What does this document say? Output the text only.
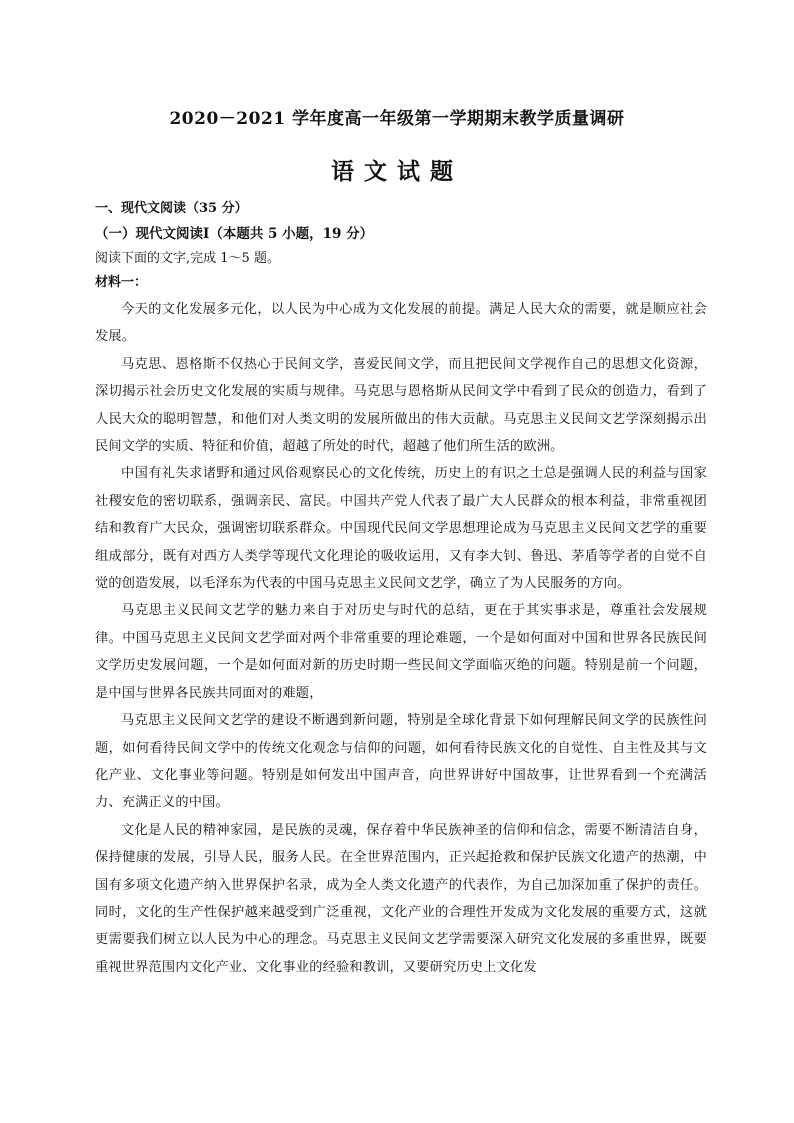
2020－2021 学年度高一年级第一学期期末教学质量调研
语文试题
一、现代文阅读（35 分）
（一）现代文阅读Ⅰ（本题共 5 小题，19 分）
阅读下面的文字,完成 1～5 题。
材料一：

今天的文化发展多元化，以人民为中心成为文化发展的前提。满足人民大众的需要，就是顺应社会发展。

马克思、恩格斯不仅热心于民间文学，喜爱民间文学，而且把民间文学视作自己的思想文化资源，深切揭示社会历史文化发展的实质与规律。马克思与恩格斯从民间文学中看到了民众的创造力，看到了人民大众的聪明智慧，和他们对人类文明的发展所做出的伟大贡献。马克思主义民间文艺学深刻揭示出民间文学的实质、特征和价值，超越了所处的时代，超越了他们所生活的欧洲。

中国有礼失求诸野和通过风俗观察民心的文化传统，历史上的有识之士总是强调人民的利益与国家社稷安危的密切联系，强调亲民、富民。中国共产党人代表了最广大人民群众的根本利益，非常重视团结和教育广大民众，强调密切联系群众。中国现代民间文学思想理论成为马克思主义民间文艺学的重要组成部分，既有对西方人类学等现代文化理论的吸收运用，又有李大钊、鲁迅、茅盾等学者的自觉不自觉的创造发展，以毛泽东为代表的中国马克思主义民间文艺学，确立了为人民服务的方向。

马克思主义民间文艺学的魅力来自于对历史与时代的总结，更在于其实事求是，尊重社会发展规律。中国马克思主义民间文艺学面对两个非常重要的理论难题，一个是如何面对中国和世界各民族民间文学历史发展问题，一个是如何面对新的历史时期一些民间文学面临灭绝的问题。特别是前一个问题，是中国与世界各民族共同面对的难题，

马克思主义民间文艺学的建设不断遇到新问题，特别是全球化背景下如何理解民间文学的民族性问题，如何看待民间文学中的传统文化观念与信仰的问题，如何看待民族文化的自觉性、自主性及其与文化产业、文化事业等问题。特别是如何发出中国声音，向世界讲好中国故事，让世界看到一个充满活力、充满正义的中国。

文化是人民的精神家园，是民族的灵魂，保存着中华民族神圣的信仰和信念，需要不断清洁自身，保持健康的发展，引导人民，服务人民。在全世界范围内，正兴起抢救和保护民族文化遗产的热潮，中国有多项文化遗产纳入世界保护名录，成为全人类文化遗产的代表作，为自己加深加重了保护的责任。同时，文化的生产性保护越来越受到广泛重视，文化产业的合理性开发成为文化发展的重要方式，这就更需要我们树立以人民为中心的理念。马克思主义民间文艺学需要深入研究文化发展的多重世界，既要重视世界范围内文化产业、文化事业的经验和教训，又要研究历史上文化发
